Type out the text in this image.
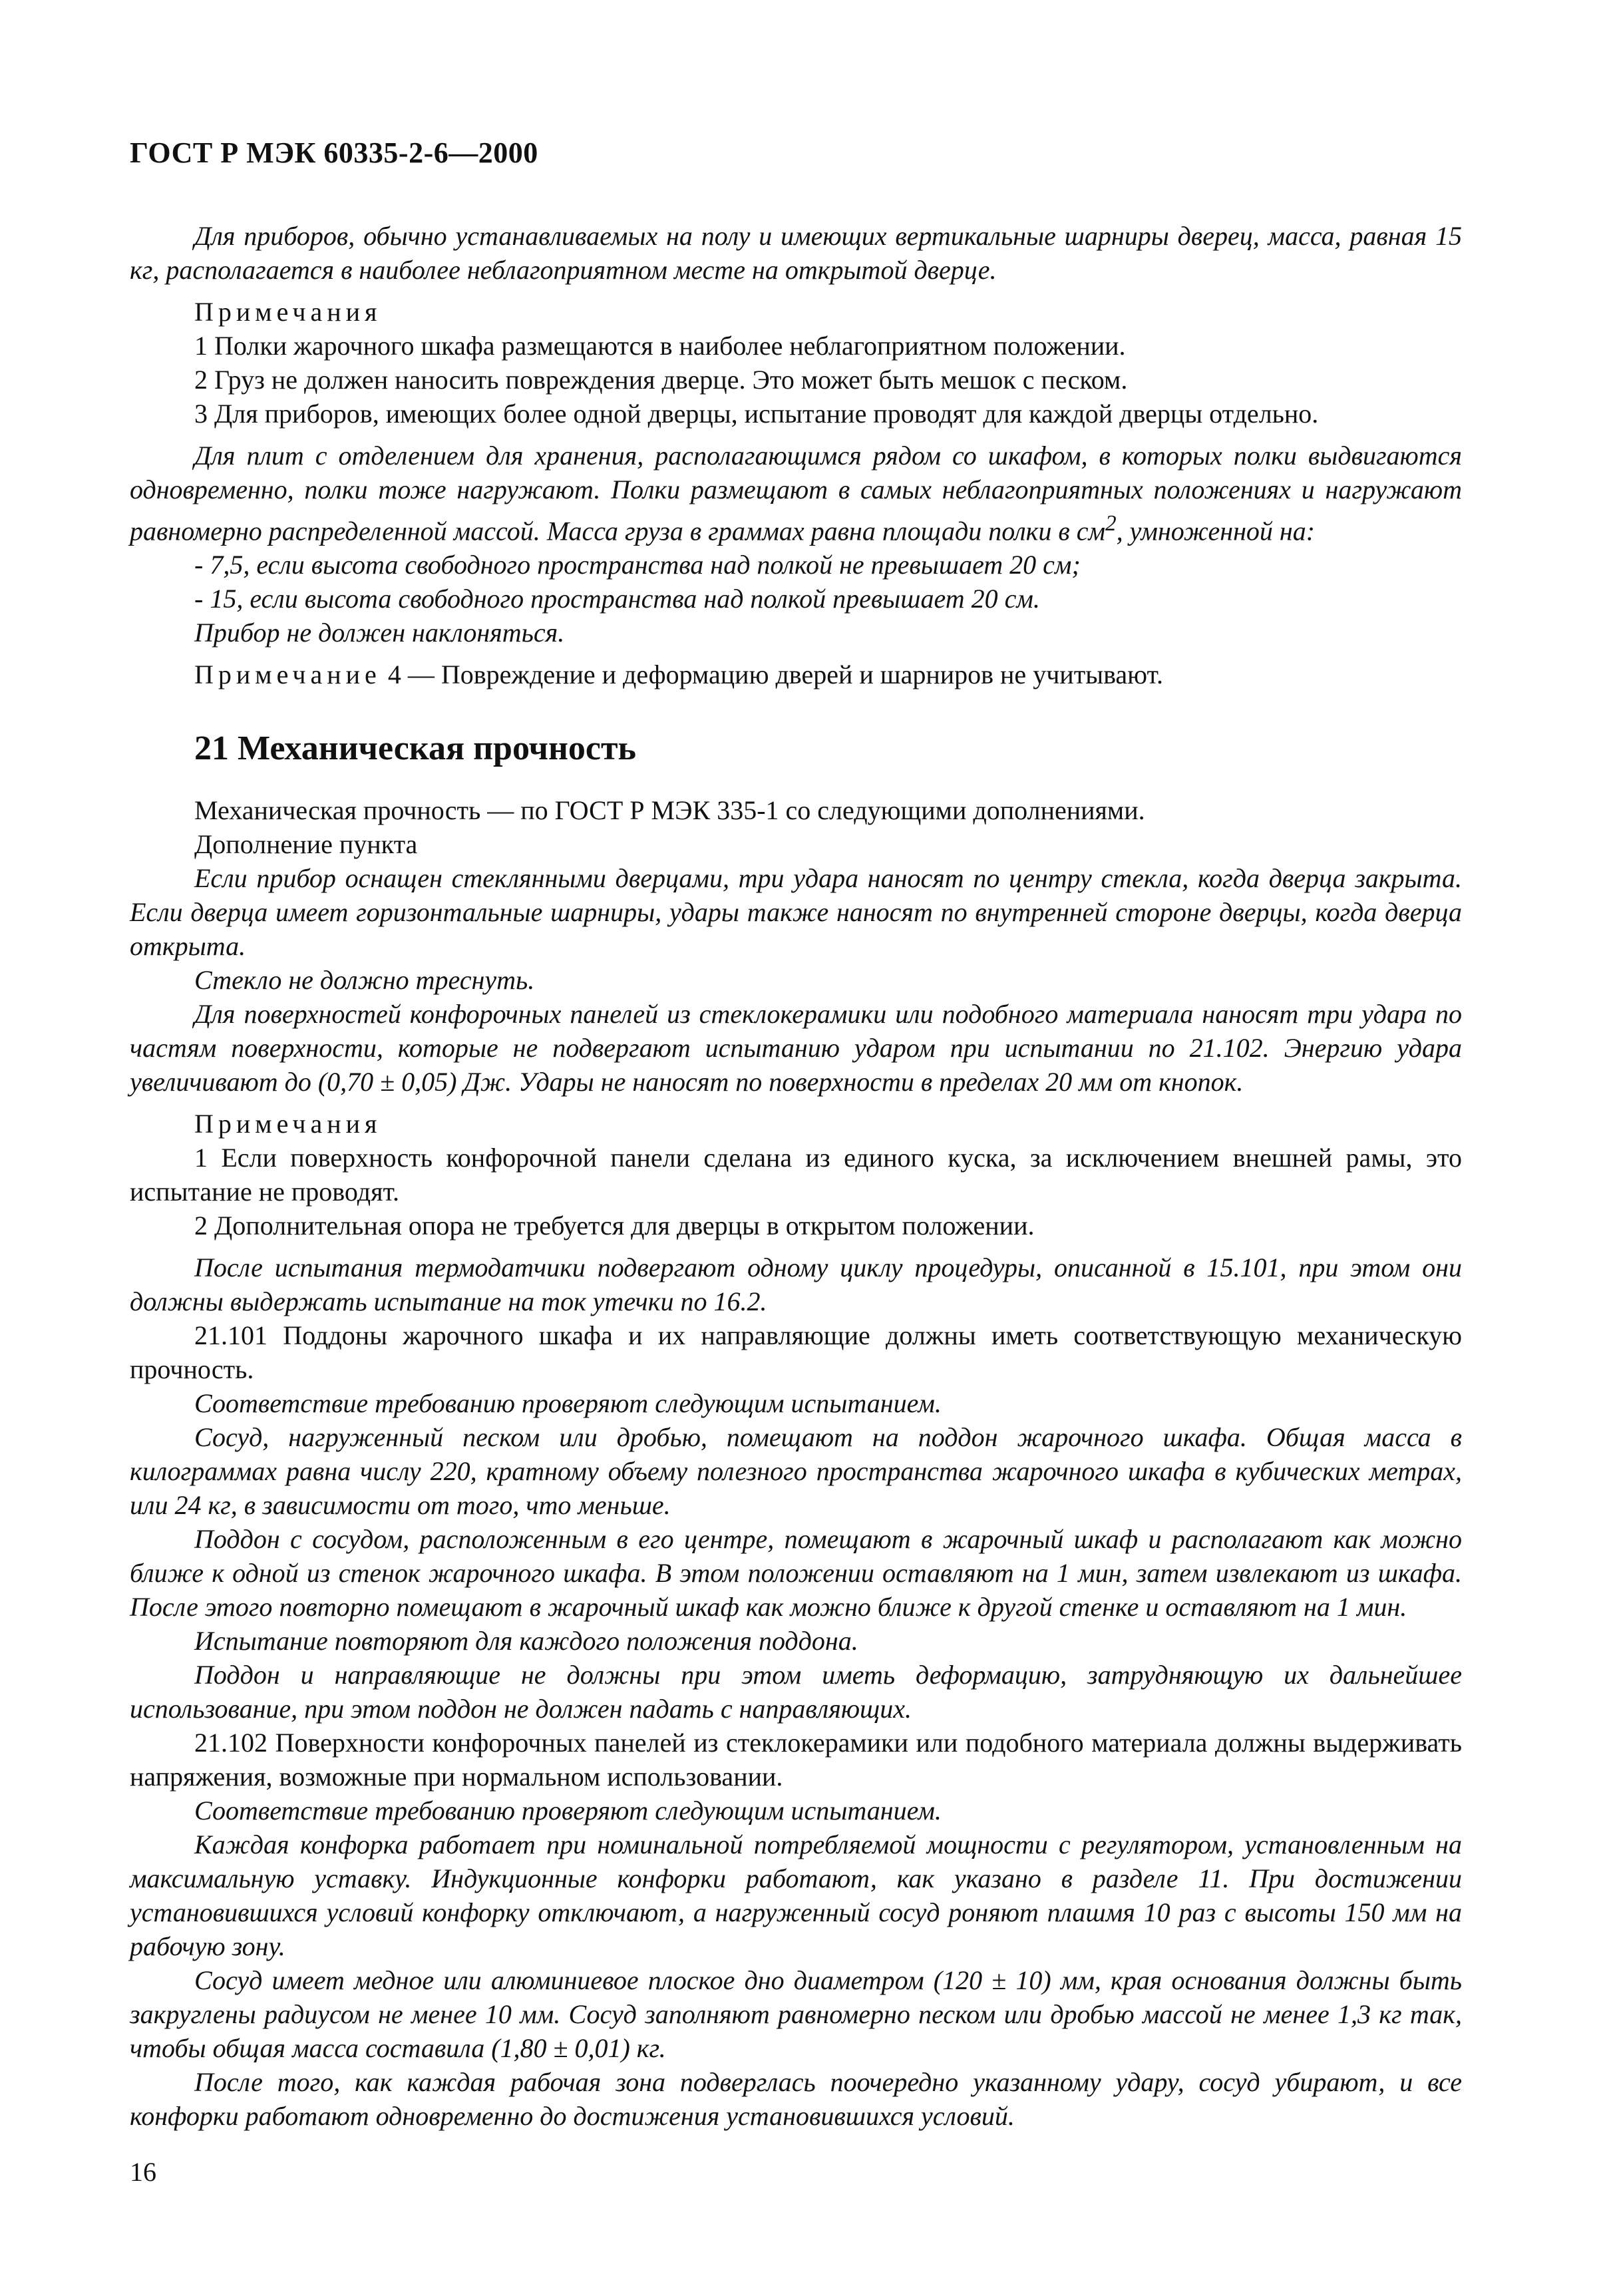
ГОСТ Р МЭК 60335-2-6—2000

Для приборов, обычно устанавливаемых на полу и имеющих вертикальные шарниры дверец, масса, равная 15 кг, располагается в наиболее неблагоприятном месте на открытой дверце.

Примечания

1 Полки жарочного шкафа размещаются в наиболее неблагоприятном положении.

2 Груз не должен наносить повреждения дверце. Это может быть мешок с песком.

3 Для приборов, имеющих более одной дверцы, испытание проводят для каждой дверцы отдельно.

Для плит с отделением для хранения, располагающимся рядом со шкафом, в которых полки выдвигаются одновременно, полки тоже нагружают. Полки размещают в самых неблагоприятных положениях и нагружают равномерно распределенной массой. Масса груза в граммах равна площади полки в $см^2$, умноженной на:

- 7,5, если высота свободного пространства над полкой не превышает 20 см;

- 15, если высота свободного пространства над полкой превышает 20 см.

Прибор не должен наклоняться.

Примечание 4 — Повреждение и деформацию дверей и шарниров не учитывают.

21 Механическая прочность

Механическая прочность — по ГОСТ Р МЭК 335-1 со следующими дополнениями.

Дополнение пункта

Если прибор оснащен стеклянными дверцами, три удара наносят по центру стекла, когда дверца закрыта. Если дверца имеет горизонтальные шарниры, удары также наносят по внутренней стороне дверцы, когда дверца открыта.

Стекло не должно треснуть.

Для поверхностей конфорочных панелей из стеклокерамики или подобного материала наносят три удара по частям поверхности, которые не подвергают испытанию ударом при испытании по 21.102. Энергию удара увеличивают до (0,70 ± 0,05) Дж. Удары не наносят по поверхности в пределах 20 мм от кнопок.

Примечания

1 Если поверхность конфорочной панели сделана из единого куска, за исключением внешней рамы, это испытание не проводят.

2 Дополнительная опора не требуется для дверцы в открытом положении.

После испытания термодатчики подвергают одному циклу процедуры, описанной в 15.101, при этом они должны выдержать испытание на ток утечки по 16.2.

21.101 Поддоны жарочного шкафа и их направляющие должны иметь соответствующую механическую прочность.

Соответствие требованию проверяют следующим испытанием.

Сосуд, нагруженный песком или дробью, помещают на поддон жарочного шкафа. Общая масса в килограммах равна числу 220, кратному объему полезного пространства жарочного шкафа в кубических метрах, или 24 кг, в зависимости от того, что меньше.

Поддон с сосудом, расположенным в его центре, помещают в жарочный шкаф и располагают как можно ближе к одной из стенок жарочного шкафа. В этом положении оставляют на 1 мин, затем извлекают из шкафа. После этого повторно помещают в жарочный шкаф как можно ближе к другой стенке и оставляют на 1 мин.

Испытание повторяют для каждого положения поддона.

Поддон и направляющие не должны при этом иметь деформацию, затрудняющую их дальнейшее использование, при этом поддон не должен падать с направляющих.

21.102 Поверхности конфорочных панелей из стеклокерамики или подобного материала должны выдерживать напряжения, возможные при нормальном использовании.

Соответствие требованию проверяют следующим испытанием.

Каждая конфорка работает при номинальной потребляемой мощности с регулятором, установленным на максимальную уставку. Индукционные конфорки работают, как указано в разделе 11. При достижении установившихся условий конфорку отключают, а нагруженный сосуд роняют плашмя 10 раз с высоты 150 мм на рабочую зону.

Сосуд имеет медное или алюминиевое плоское дно диаметром (120 ± 10) мм, края основания должны быть закруглены радиусом не менее 10 мм. Сосуд заполняют равномерно песком или дробью массой не менее 1,3 кг так, чтобы общая масса составила (1,80 ± 0,01) кг.

После того, как каждая рабочая зона подверглась поочередно указанному удару, сосуд убирают, и все конфорки работают одновременно до достижения установившихся условий.

16
